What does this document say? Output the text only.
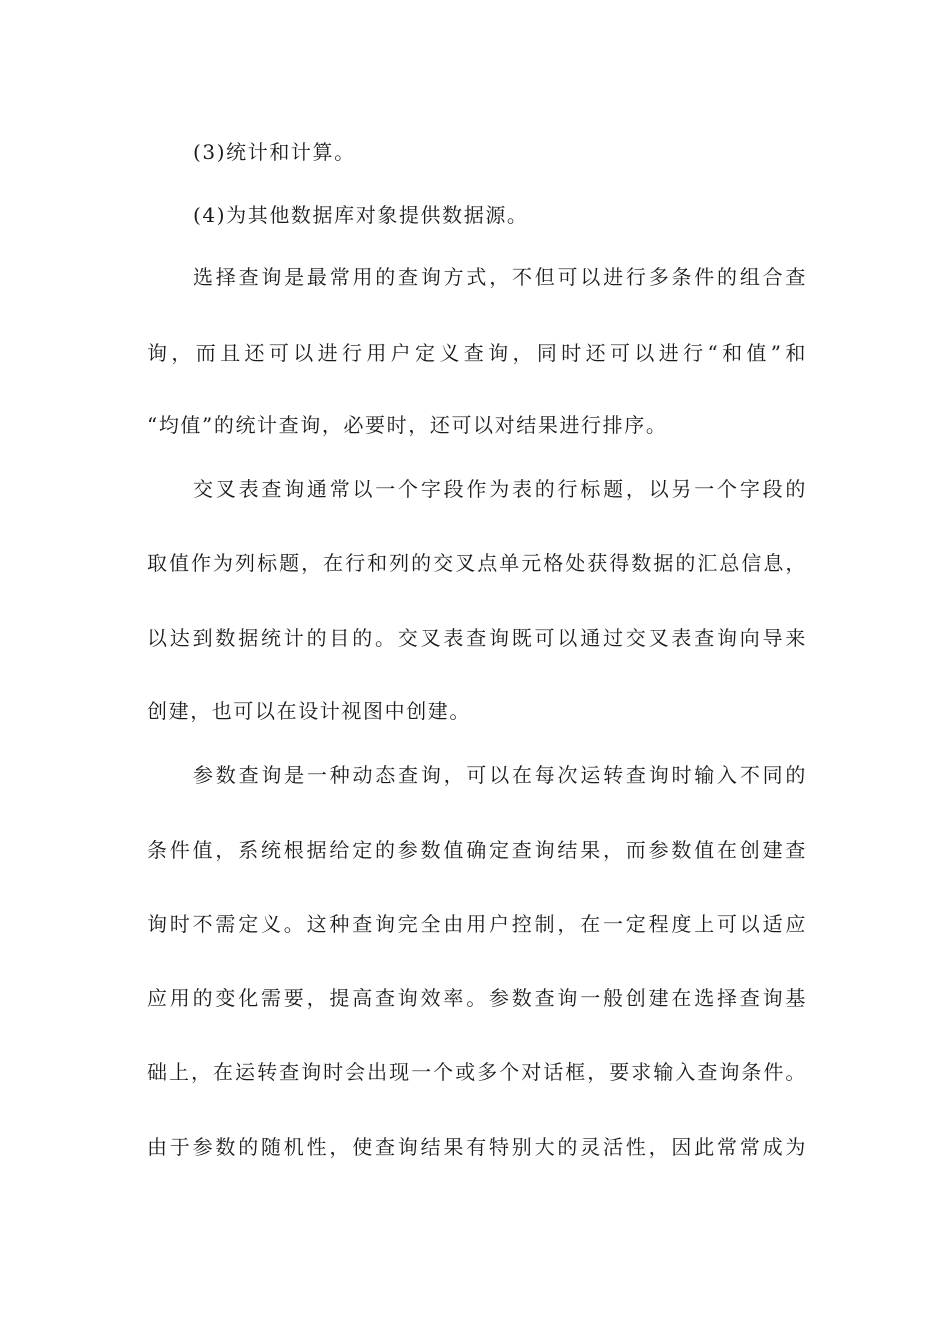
(3)统计和计算。
(4)为其他数据库对象提供数据源。
选择查询是最常用的查询方式，不但可以进行多条件的组合查
询，而且还可以进行用户定义查询，同时还可以进行“和值”和
“均值”的统计查询，必要时，还可以对结果进行排序。
交叉表查询通常以一个字段作为表的行标题，以另一个字段的
取值作为列标题，在行和列的交叉点单元格处获得数据的汇总信息，
以达到数据统计的目的。交叉表查询既可以通过交叉表查询向导来
创建，也可以在设计视图中创建。
参数查询是一种动态查询，可以在每次运转查询时输入不同的
条件值，系统根据给定的参数值确定查询结果，而参数值在创建查
询时不需定义。这种查询完全由用户控制，在一定程度上可以适应
应用的变化需要，提高查询效率。参数查询一般创建在选择查询基
础上，在运转查询时会出现一个或多个对话框，要求输入查询条件。
由于参数的随机性，使查询结果有特别大的灵活性，因此常常成为
